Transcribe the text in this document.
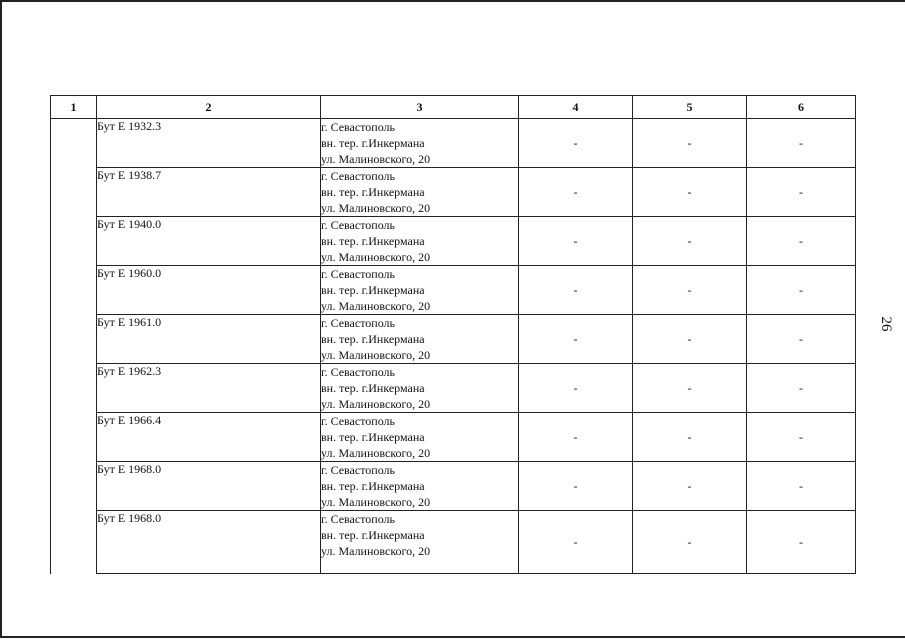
1	2	3	4	5	6
	Бут Е 1932.3	г. Севастополь
вн. тер. г.Инкермана
ул. Малиновского, 20	-	-	-
	Бут Е 1938.7	г. Севастополь
вн. тер. г.Инкермана
ул. Малиновского, 20	-	-	-
	Бут Е 1940.0	г. Севастополь
вн. тер. г.Инкермана
ул. Малиновского, 20	-	-	-
	Бут Е 1960.0	г. Севастополь
вн. тер. г.Инкермана
ул. Малиновского, 20	-	-	-
	Бут Е 1961.0	г. Севастополь
вн. тер. г.Инкермана
ул. Малиновского, 20	-	-	-
	Бут Е 1962.3	г. Севастополь
вн. тер. г.Инкермана
ул. Малиновского, 20	-	-	-
	Бут Е 1966.4	г. Севастополь
вн. тер. г.Инкермана
ул. Малиновского, 20	-	-	-
	Бут Е 1968.0	г. Севастополь
вн. тер. г.Инкермана
ул. Малиновского, 20	-	-	-
	Бут Е 1968.0	г. Севастополь
вн. тер. г.Инкермана
ул. Малиновского, 20	-	-	-
26
